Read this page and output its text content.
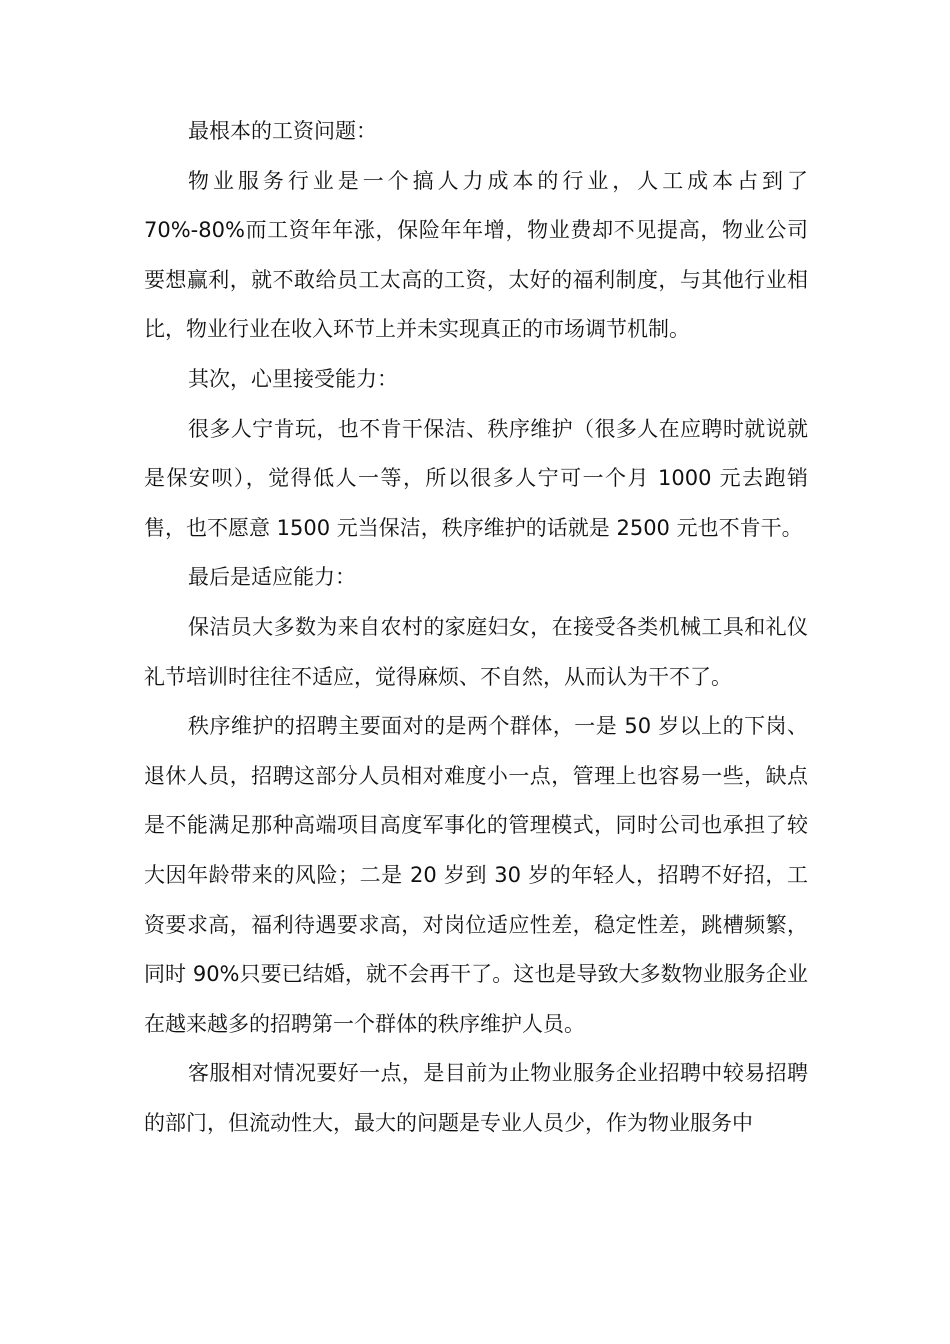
最根本的工资问题：

物业服务行业是一个搞人力成本的行业，人工成本占到了70%-80%而工资年年涨，保险年年增，物业费却不见提高，物业公司要想赢利，就不敢给员工太高的工资，太好的福利制度，与其他行业相比，物业行业在收入环节上并未实现真正的市场调节机制。

其次，心里接受能力：

很多人宁肯玩，也不肯干保洁、秩序维护（很多人在应聘时就说就是保安呗），觉得低人一等，所以很多人宁可一个月 1000 元去跑销售，也不愿意 1500 元当保洁，秩序维护的话就是 2500 元也不肯干。

最后是适应能力：

保洁员大多数为来自农村的家庭妇女，在接受各类机械工具和礼仪礼节培训时往往不适应，觉得麻烦、不自然，从而认为干不了。

秩序维护的招聘主要面对的是两个群体，一是 50 岁以上的下岗、退休人员，招聘这部分人员相对难度小一点，管理上也容易一些，缺点是不能满足那种高端项目高度军事化的管理模式，同时公司也承担了较大因年龄带来的风险；二是 20 岁到 30 岁的年轻人，招聘不好招，工资要求高，福利待遇要求高，对岗位适应性差，稳定性差，跳槽频繁，同时 90%只要已结婚，就不会再干了。这也是导致大多数物业服务企业在越来越多的招聘第一个群体的秩序维护人员。

客服相对情况要好一点，是目前为止物业服务企业招聘中较易招聘的部门，但流动性大，最大的问题是专业人员少，作为物业服务中
